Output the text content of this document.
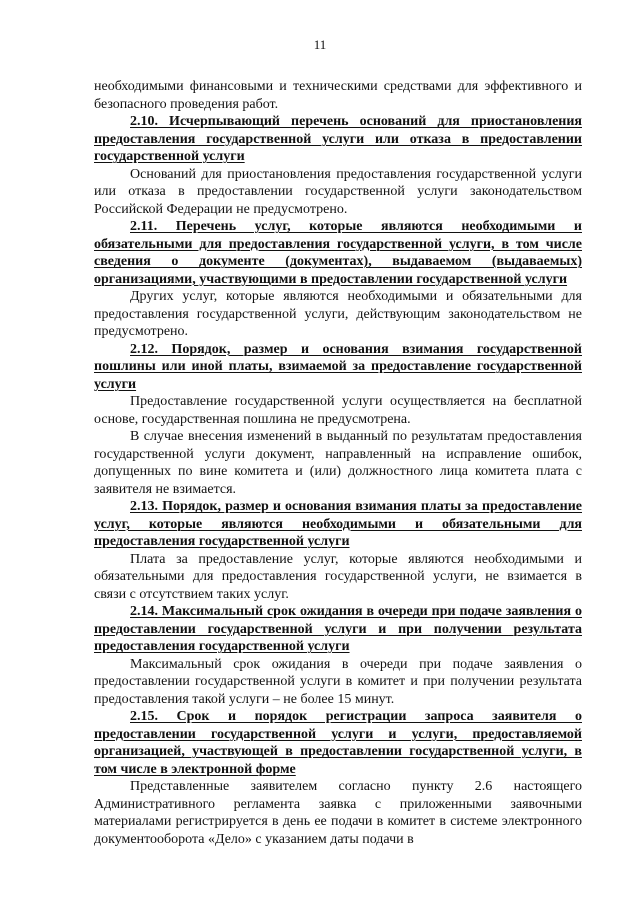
11

необходимыми финансовыми и техническими средствами для эффективного и безопасного проведения работ.

2.10. Исчерпывающий перечень оснований для приостановления предоставления государственной услуги или отказа в предоставлении государственной услуги

Оснований для приостановления предоставления государственной услуги или отказа в предоставлении государственной услуги законодательством Российской Федерации не предусмотрено.

2.11. Перечень услуг, которые являются необходимыми и обязательными для предоставления государственной услуги, в том числе сведения о документе (документах), выдаваемом (выдаваемых) организациями, участвующими в предоставлении государственной услуги

Других услуг, которые являются необходимыми и обязательными для предоставления государственной услуги, действующим законодательством не предусмотрено.

2.12. Порядок, размер и основания взимания государственной пошлины или иной платы, взимаемой за предоставление государственной услуги

Предоставление государственной услуги осуществляется на бесплатной основе, государственная пошлина не предусмотрена.

В случае внесения изменений в выданный по результатам предоставления государственной услуги документ, направленный на исправление ошибок, допущенных по вине комитета и (или) должностного лица комитета плата с заявителя не взимается.

2.13. Порядок, размер и основания взимания платы за предоставление услуг, которые являются необходимыми и обязательными для предоставления государственной услуги

Плата за предоставление услуг, которые являются необходимыми и обязательными для предоставления государственной услуги, не взимается в связи с отсутствием таких услуг.

2.14. Максимальный срок ожидания в очереди при подаче заявления о предоставлении государственной услуги и при получении результата предоставления государственной услуги

Максимальный срок ожидания в очереди при подаче заявления о предоставлении государственной услуги в комитет и при получении результата предоставления такой услуги – не более 15 минут.

2.15. Срок и порядок регистрации запроса заявителя о предоставлении государственной услуги и услуги, предоставляемой организацией, участвующей в предоставлении государственной услуги, в том числе в электронной форме

Представленные заявителем согласно пункту 2.6 настоящего Административного регламента заявка с приложенными заявочными материалами регистрируется в день ее подачи в комитет в системе электронного документооборота «Дело» с указанием даты подачи в
